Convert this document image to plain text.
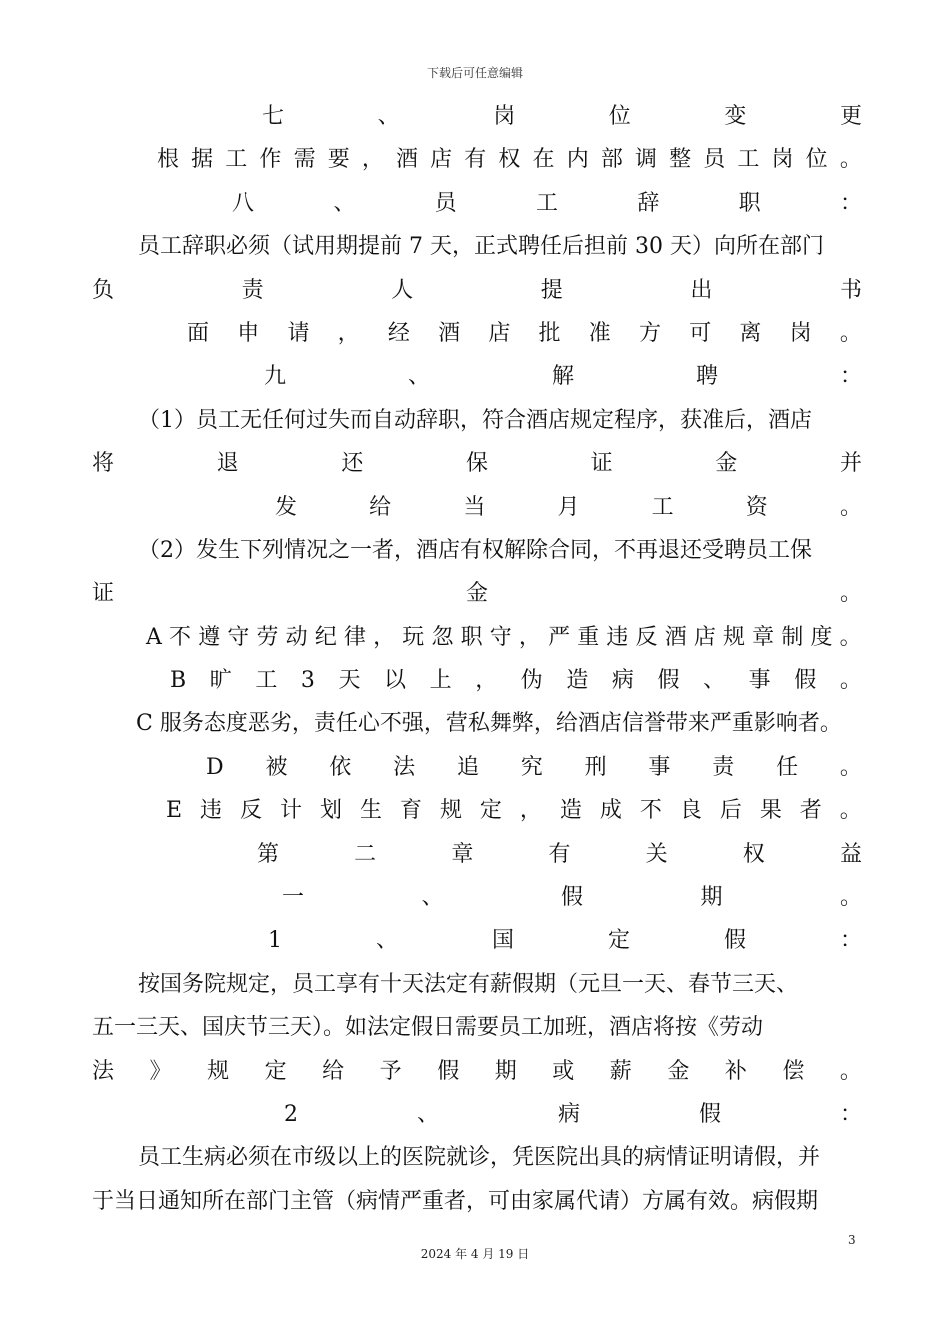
下载后可任意编辑
七	、	岗	位	变	更
根 据 工 作 需 要 ， 酒 店 有 权 在 内 部 调 整 员 工 岗 位 。
八	、	员	工	辞	职	：
员工辞职必须（试用期提前 7 天，正式聘任后担前 30 天）向所在部门
负	责	人	提	出	书
面 申 请 ， 经 酒 店 批 准 方 可 离 岗 。
九	、	解	聘	：
（1）员工无任何过失而自动辞职，符合酒店规定程序，获准后，酒店
将	退	还	保	证	金	并
发	给	当	月	工	资	。
（2）发生下列情况之一者，酒店有权解除合同，不再退还受聘员工保
证	金	。
A 不 遵 守 劳 动 纪 律 ， 玩 忽 职 守 ， 严 重 违 反 酒 店 规 章 制 度 。
B 旷 工 3 天 以 上 ， 伪 造 病 假 、 事 假 。
C 服务态度恶劣，责任心不强，营私舞弊，给酒店信誉带来严重影响者。
D 被 依 法 追 究 刑 事 责 任 。
E 违 反 计 划 生 育 规 定 ， 造 成 不 良 后 果 者 。
第	二	章	有	关	权	益
一	、	假	期	。
1	、	国	定	假	：
按国务院规定，员工享有十天法定有薪假期（元旦一天、春节三天、
五一三天、国庆节三天）。如法定假日需要员工加班，酒店将按《劳动
法 》 规 定 给 予 假 期 或 薪 金 补 偿 。
2	、	病	假	：
员工生病必须在市级以上的医院就诊，凭医院出具的病情证明请假，并
于当日通知所在部门主管（病情严重者，可由家属代请）方属有效。病假期
3
2024 年 4 月 19 日
